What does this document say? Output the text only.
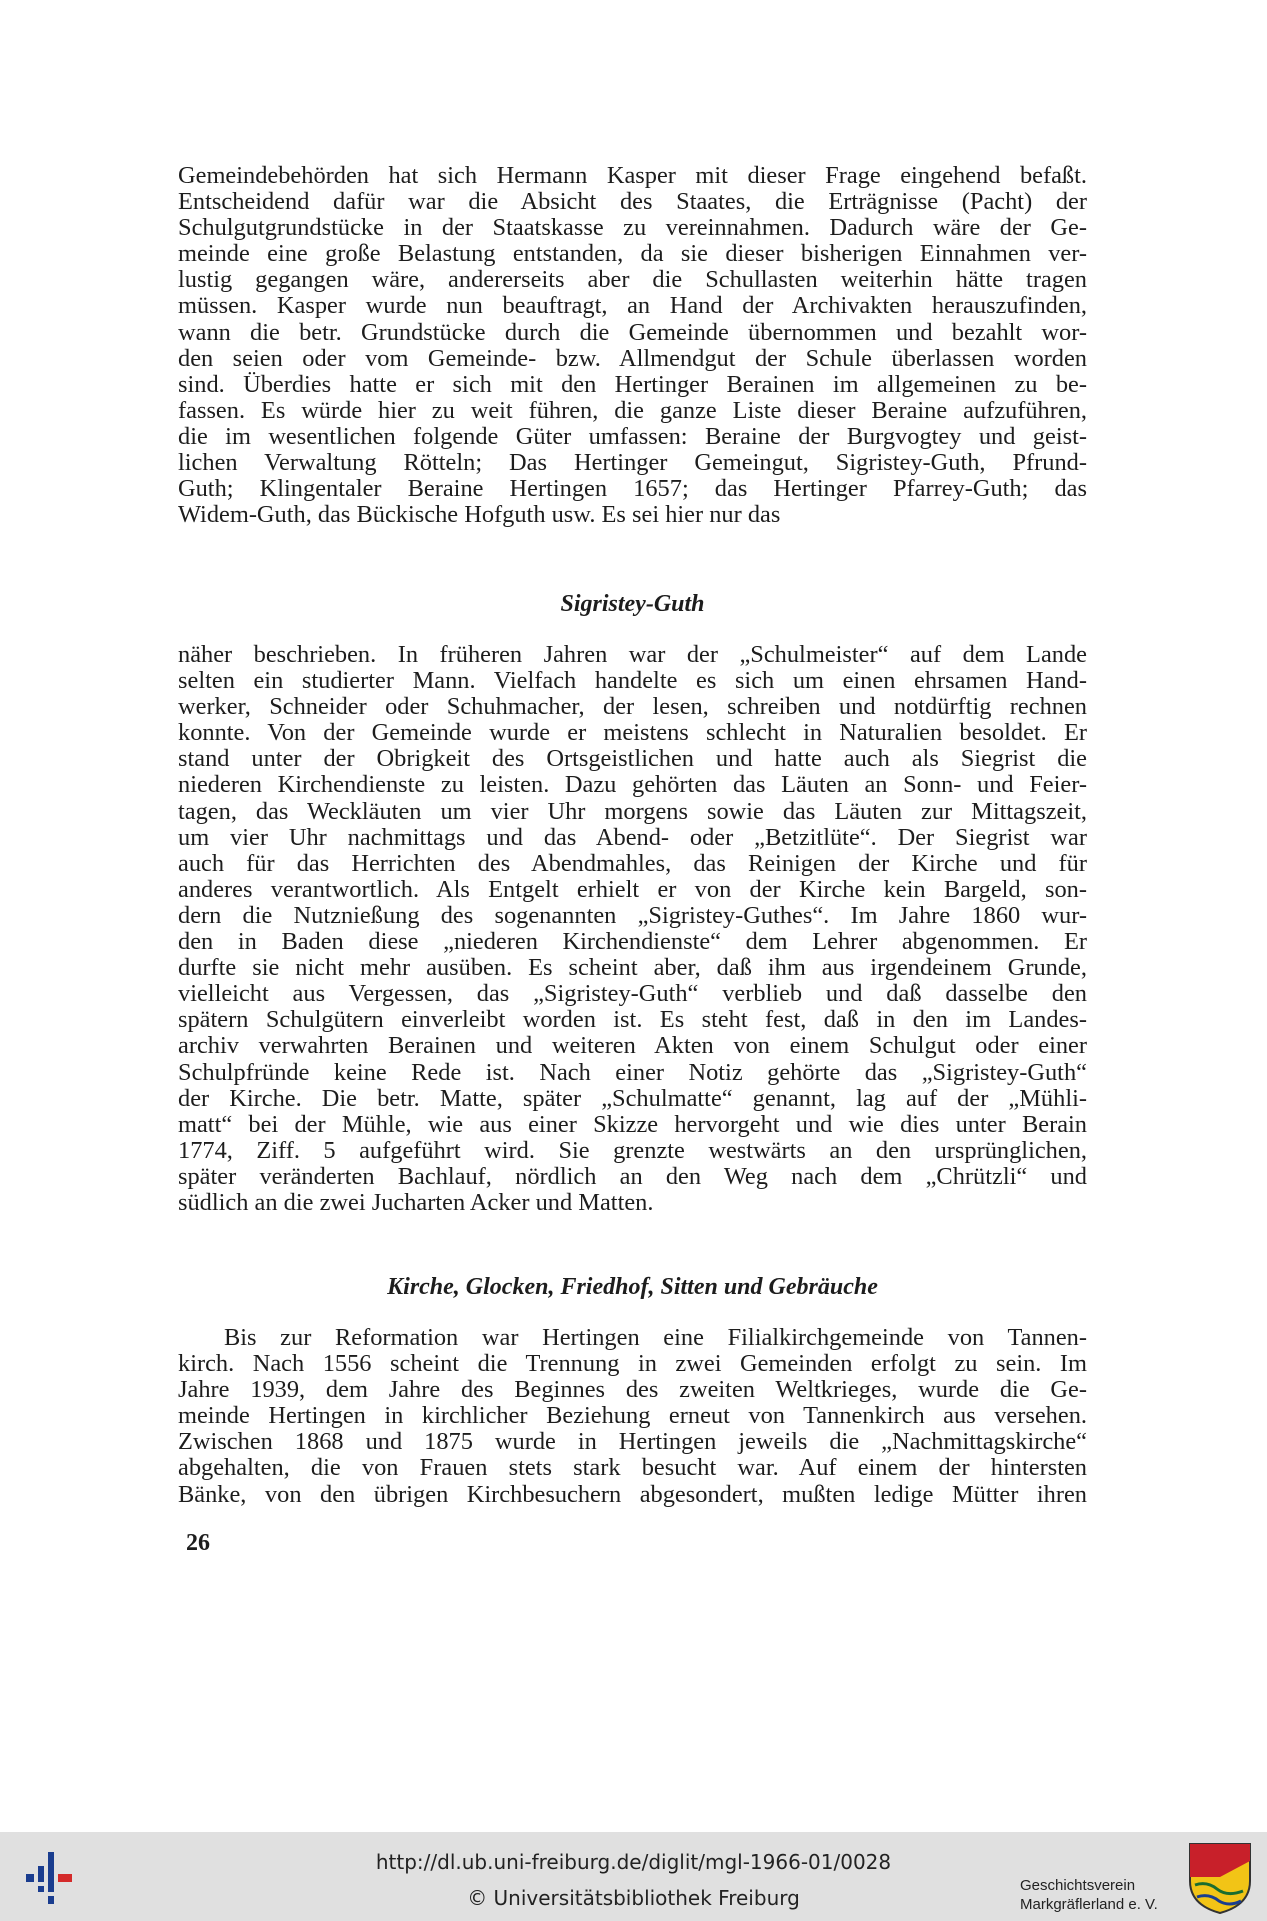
Gemeindebehörden hat sich Hermann Kasper mit dieser Frage eingehend befaßt.
Entscheidend dafür war die Absicht des Staates, die Erträgnisse (Pacht) der
Schulgutgrundstücke in der Staatskasse zu vereinnahmen. Dadurch wäre der Ge-
meinde eine große Belastung entstanden, da sie dieser bisherigen Einnahmen ver-
lustig gegangen wäre, andererseits aber die Schullasten weiterhin hätte tragen
müssen. Kasper wurde nun beauftragt, an Hand der Archivakten herauszufinden,
wann die betr. Grundstücke durch die Gemeinde übernommen und bezahlt wor-
den seien oder vom Gemeinde- bzw. Allmendgut der Schule überlassen worden
sind. Überdies hatte er sich mit den Hertinger Berainen im allgemeinen zu be-
fassen. Es würde hier zu weit führen, die ganze Liste dieser Beraine aufzuführen,
die im wesentlichen folgende Güter umfassen: Beraine der Burgvogtey und geist-
lichen Verwaltung Rötteln; Das Hertinger Gemeingut, Sigristey-Guth, Pfrund-
Guth; Klingentaler Beraine Hertingen 1657; das Hertinger Pfarrey-Guth; das
Widem-Guth, das Bückische Hofguth usw. Es sei hier nur das

Sigristey-Guth

näher beschrieben. In früheren Jahren war der „Schulmeister“ auf dem Lande
selten ein studierter Mann. Vielfach handelte es sich um einen ehrsamen Hand-
werker, Schneider oder Schuhmacher, der lesen, schreiben und notdürftig rechnen
konnte. Von der Gemeinde wurde er meistens schlecht in Naturalien besoldet. Er
stand unter der Obrigkeit des Ortsgeistlichen und hatte auch als Siegrist die
niederen Kirchendienste zu leisten. Dazu gehörten das Läuten an Sonn- und Feier-
tagen, das Weckläuten um vier Uhr morgens sowie das Läuten zur Mittagszeit,
um vier Uhr nachmittags und das Abend- oder „Betzitlüte“. Der Siegrist war
auch für das Herrichten des Abendmahles, das Reinigen der Kirche und für
anderes verantwortlich. Als Entgelt erhielt er von der Kirche kein Bargeld, son-
dern die Nutznießung des sogenannten „Sigristey-Guthes“. Im Jahre 1860 wur-
den in Baden diese „niederen Kirchendienste“ dem Lehrer abgenommen. Er
durfte sie nicht mehr ausüben. Es scheint aber, daß ihm aus irgendeinem Grunde,
vielleicht aus Vergessen, das „Sigristey-Guth“ verblieb und daß dasselbe den
spätern Schulgütern einverleibt worden ist. Es steht fest, daß in den im Landes-
archiv verwahrten Berainen und weiteren Akten von einem Schulgut oder einer
Schulpfründe keine Rede ist. Nach einer Notiz gehörte das „Sigristey-Guth“
der Kirche. Die betr. Matte, später „Schulmatte“ genannt, lag auf der „Mühli-
matt“ bei der Mühle, wie aus einer Skizze hervorgeht und wie dies unter Berain
1774, Ziff. 5 aufgeführt wird. Sie grenzte westwärts an den ursprünglichen,
später veränderten Bachlauf, nördlich an den Weg nach dem „Chrützli“ und
südlich an die zwei Jucharten Acker und Matten.

Kirche, Glocken, Friedhof, Sitten und Gebräuche

Bis zur Reformation war Hertingen eine Filialkirchgemeinde von Tannen-
kirch. Nach 1556 scheint die Trennung in zwei Gemeinden erfolgt zu sein. Im
Jahre 1939, dem Jahre des Beginnes des zweiten Weltkrieges, wurde die Ge-
meinde Hertingen in kirchlicher Beziehung erneut von Tannenkirch aus versehen.
Zwischen 1868 und 1875 wurde in Hertingen jeweils die „Nachmittagskirche“
abgehalten, die von Frauen stets stark besucht war. Auf einem der hintersten
Bänke, von den übrigen Kirchbesuchern abgesondert, mußten ledige Mütter ihren

26
http://dl.ub.uni-freiburg.de/diglit/mgl-1966-01/0028
© Universitätsbibliothek Freiburg
Geschichtsverein
Markgräflerland e. V.
